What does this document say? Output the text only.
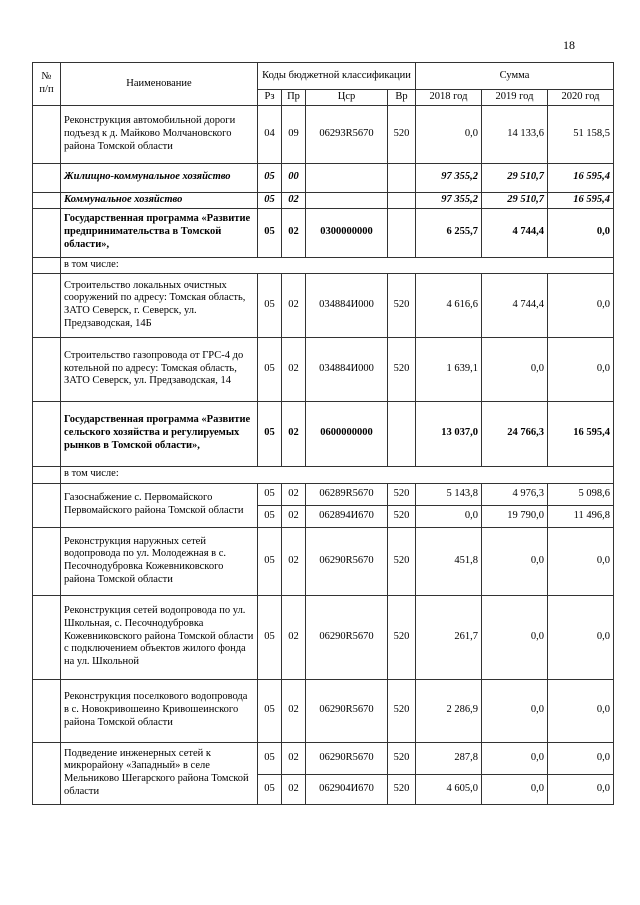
18
№ п/п	Наименование	Коды бюджетной классификации				Сумма		
		Рз	Пр	Цср	Вр	2018 год	2019 год	2020 год
	Реконструкция автомобильной дороги подъезд к д. Майково Молчановского района Томской области	04	09	06293R5670	520	0,0	14 133,6	51 158,5
	Жилищно-коммунальное хозяйство	05	00			97 355,2	29 510,7	16 595,4
	Коммунальное хозяйство	05	02			97 355,2	29 510,7	16 595,4
	Государственная программа «Развитие предпринимательства в Томской области»,	05	02	0300000000		6 255,7	4 744,4	0,0
	в том числе:							
	Строительство локальных очистных сооружений по адресу: Томская область, ЗАТО Северск, г. Северск, ул. Предзаводская, 14Б	05	02	034884И000	520	4 616,6	4 744,4	0,0
	Строительство газопровода от ГРС-4 до котельной по адресу: Томская область, ЗАТО Северск, ул. Предзаводская, 14	05	02	034884И000	520	1 639,1	0,0	0,0
	Государственная программа «Развитие сельского хозяйства и регулируемых рынков в Томской области»,	05	02	0600000000		13 037,0	24 766,3	16 595,4
	в том числе:							
	Газоснабжение с. Первомайского Первомайского района Томской области	05	02	06289R5670	520	5 143,8	4 976,3	5 098,6
		05	02	062894И670	520	0,0	19 790,0	11 496,8
	Реконструкция наружных сетей водопровода по ул. Молодежная в с. Песочнодубровка Кожевниковского района Томской области	05	02	06290R5670	520	451,8	0,0	0,0
	Реконструкция сетей водопровода по ул. Школьная, с. Песочнодубровка Кожевниковского района Томской области с подключением объектов жилого фонда на ул. Школьной	05	02	06290R5670	520	261,7	0,0	0,0
	Реконструкция поселкового водопровода в с. Новокривошеино Кривошеинского района Томской области	05	02	06290R5670	520	2 286,9	0,0	0,0
	Подведение инженерных сетей к микрорайону «Западный» в селе Мельниково Шегарского района Томской области	05	02	06290R5670	520	287,8	0,0	0,0
		05	02	062904И670	520	4 605,0	0,0	0,0
